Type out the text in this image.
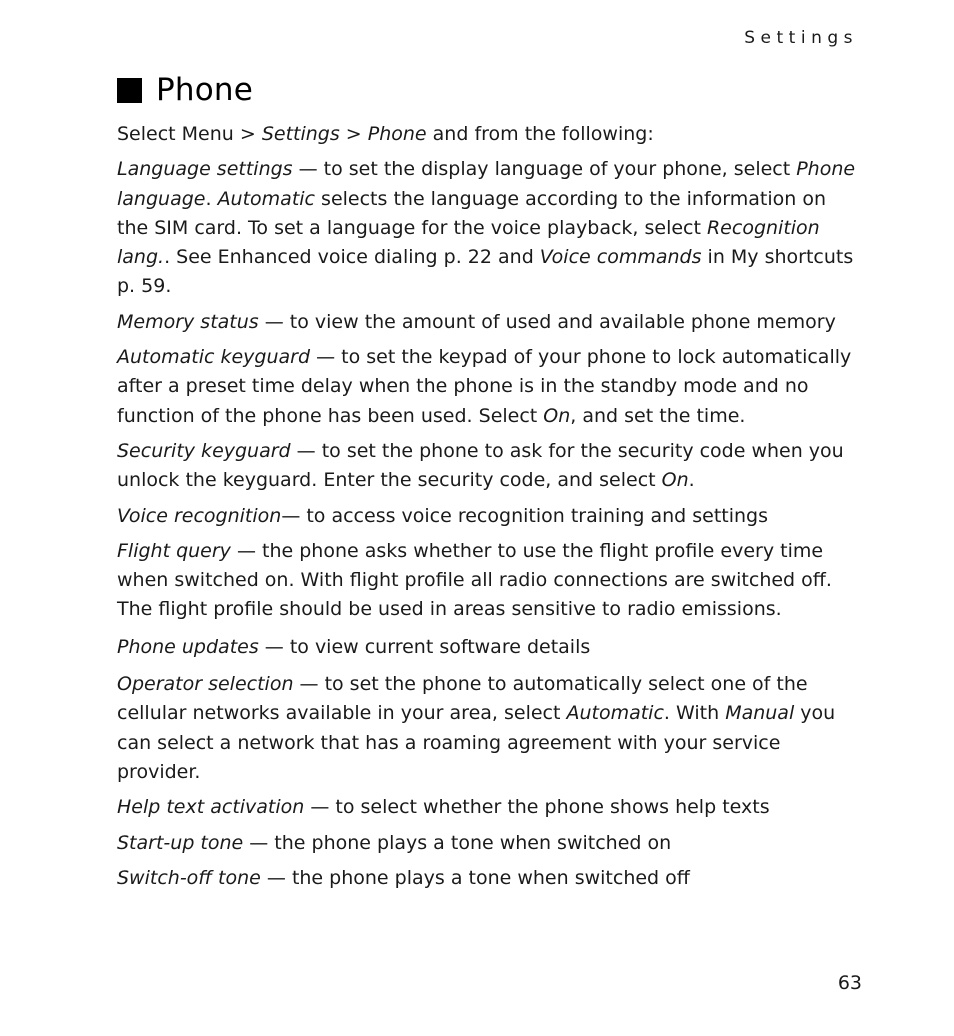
Settings
Phone

Select Menu > Settings > Phone and from the following:

Language settings — to set the display language of your phone, select Phone language. Automatic selects the language according to the information on the SIM card. To set a language for the voice playback, select Recognition lang.. See Enhanced voice dialing p. 22 and Voice commands in My shortcuts p. 59.

Memory status — to view the amount of used and available phone memory

Automatic keyguard — to set the keypad of your phone to lock automatically after a preset time delay when the phone is in the standby mode and no function of the phone has been used. Select On, and set the time.

Security keyguard — to set the phone to ask for the security code when you unlock the keyguard. Enter the security code, and select On.

Voice recognition— to access voice recognition training and settings

Flight query — the phone asks whether to use the flight profile every time when switched on. With flight profile all radio connections are switched off. The flight profile should be used in areas sensitive to radio emissions.

Phone updates — to view current software details

Operator selection — to set the phone to automatically select one of the cellular networks available in your area, select Automatic. With Manual you can select a network that has a roaming agreement with your service provider.

Help text activation — to select whether the phone shows help texts

Start-up tone — the phone plays a tone when switched on

Switch-off tone — the phone plays a tone when switched off

63
